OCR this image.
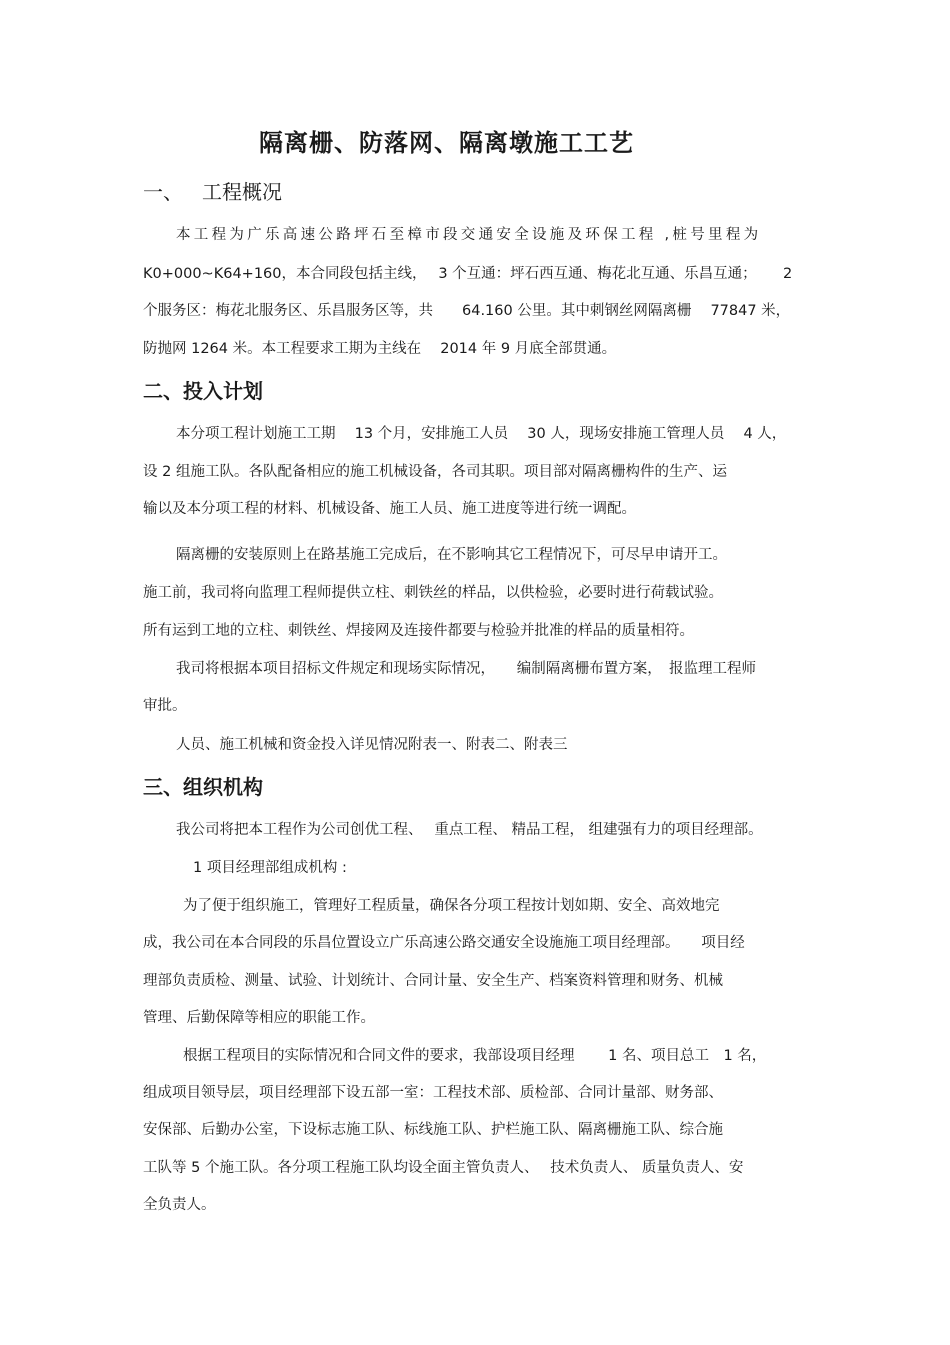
隔离栅、防落网、隔离墩施工工艺
一、 工程概况

本工程为广乐高速公路坪石至樟市段交通安全设施及环保工程 ,桩号里程为

K0+000~K64+160，本合同段包括主线，　 3 个互通：坪石西互通、梅花北互通、乐昌互通；　　 2

个服务区：梅花北服务区、乐昌服务区等，共　　64.160 公里。其中刺钢丝网隔离栅　 77847 米，

防抛网 1264 米。本工程要求工期为主线在　 2014 年 9 月底全部贯通。

二、投入计划

本分项工程计划施工工期　 13 个月，安排施工人员　 30 人，现场安排施工管理人员　 4 人，

设 2 组施工队。各队配备相应的施工机械设备，各司其职。项目部对隔离栅构件的生产、运

输以及本分项工程的材料、机械设备、施工人员、施工进度等进行统一调配。

隔离栅的安装原则上在路基施工完成后，在不影响其它工程情况下，可尽早申请开工。

施工前，我司将向监理工程师提供立柱、刺铁丝的样品，以供检验，必要时进行荷载试验。

所有运到工地的立柱、刺铁丝、焊接网及连接件都要与检验并批准的样品的质量相符。

我司将根据本项目招标文件规定和现场实际情况，　　编制隔离栅布置方案，　报监理工程师

审批。

人员、施工机械和资金投入详见情况附表一、附表二、附表三

三、组织机构

我公司将把本工程作为公司创优工程、　 重点工程、 精品工程， 组建强有力的项目经理部。

1 项目经理部组成机构 :

为了便于组织施工，管理好工程质量，确保各分项工程按计划如期、安全、高效地完

成，我公司在本合同段的乐昌位置设立广乐高速公路交通安全设施施工项目经理部。　　项目经

理部负责质检、测量、试验、计划统计、合同计量、安全生产、档案资料管理和财务、机械

管理、后勤保障等相应的职能工作。

根据工程项目的实际情况和合同文件的要求，我部设项目经理　　 1 名、项目总工　1 名，

组成项目领导层，项目经理部下设五部一室：工程技术部、质检部、合同计量部、财务部、

安保部、后勤办公室，下设标志施工队、标线施工队、护栏施工队、隔离栅施工队、综合施

工队等 5 个施工队。各分项工程施工队均设全面主管负责人、　 技术负责人、 质量负责人、安

全负责人。
